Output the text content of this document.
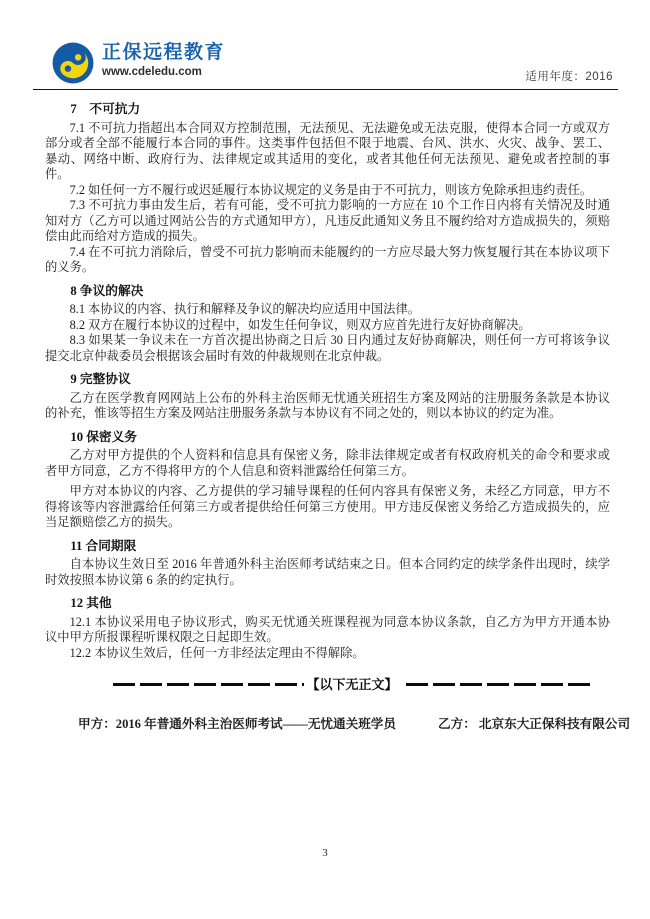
正保远程教育
www.cdeledu.com	适用年度：2016
7　不可抗力

7.1 不可抗力指超出本合同双方控制范围，无法预见、无法避免或无法克服，使得本合同一方或双方部分或者全部不能履行本合同的事件。这类事件包括但不限于地震、台风、洪水、火灾、战争、罢工、暴动、网络中断、政府行为、法律规定或其适用的变化，或者其他任何无法预见、避免或者控制的事件。

7.2 如任何一方不履行或迟延履行本协议规定的义务是由于不可抗力，则该方免除承担违约责任。

7.3 不可抗力事由发生后，若有可能，受不可抗力影响的一方应在 10 个工作日内将有关情况及时通知对方（乙方可以通过网站公告的方式通知甲方），凡违反此通知义务且不履约给对方造成损失的，须赔偿由此而给对方造成的损失。

7.4 在不可抗力消除后，曾受不可抗力影响而未能履约的一方应尽最大努力恢复履行其在本协议项下的义务。

8 争议的解决

8.1 本协议的内容、执行和解释及争议的解决均应适用中国法律。

8.2 双方在履行本协议的过程中，如发生任何争议，则双方应首先进行友好协商解决。

8.3 如果某一争议未在一方首次提出协商之日后 30 日内通过友好协商解决，则任何一方可将该争议提交北京仲裁委员会根据该会届时有效的仲裁规则在北京仲裁。

9 完整协议

乙方在医学教育网网站上公布的外科主治医师无忧通关班招生方案及网站的注册服务条款是本协议的补充，惟该等招生方案及网站注册服务条款与本协议有不同之处的，则以本协议的约定为准。

10 保密义务

乙方对甲方提供的个人资料和信息具有保密义务，除非法律规定或者有权政府机关的命令和要求或者甲方同意，乙方不得将甲方的个人信息和资料泄露给任何第三方。

甲方对本协议的内容、乙方提供的学习辅导课程的任何内容具有保密义务，未经乙方同意，甲方不得将该等内容泄露给任何第三方或者提供给任何第三方使用。甲方违反保密义务给乙方造成损失的，应当足额赔偿乙方的损失。

11 合同期限

自本协议生效日至 2016 年普通外科主治医师考试结束之日。但本合同约定的续学条件出现时，续学时效按照本协议第 6 条的约定执行。

12 其他

12.1 本协议采用电子协议形式，购买无忧通关班课程视为同意本协议条款，自乙方为甲方开通本协议中甲方所报课程听课权限之日起即生效。

12.2 本协议生效后，任何一方非经法定理由不得解除。

【以下无正文】
甲方：2016 年普通外科主治医师考试——无忧通关班学员	乙方： 北京东大正保科技有限公司
3
